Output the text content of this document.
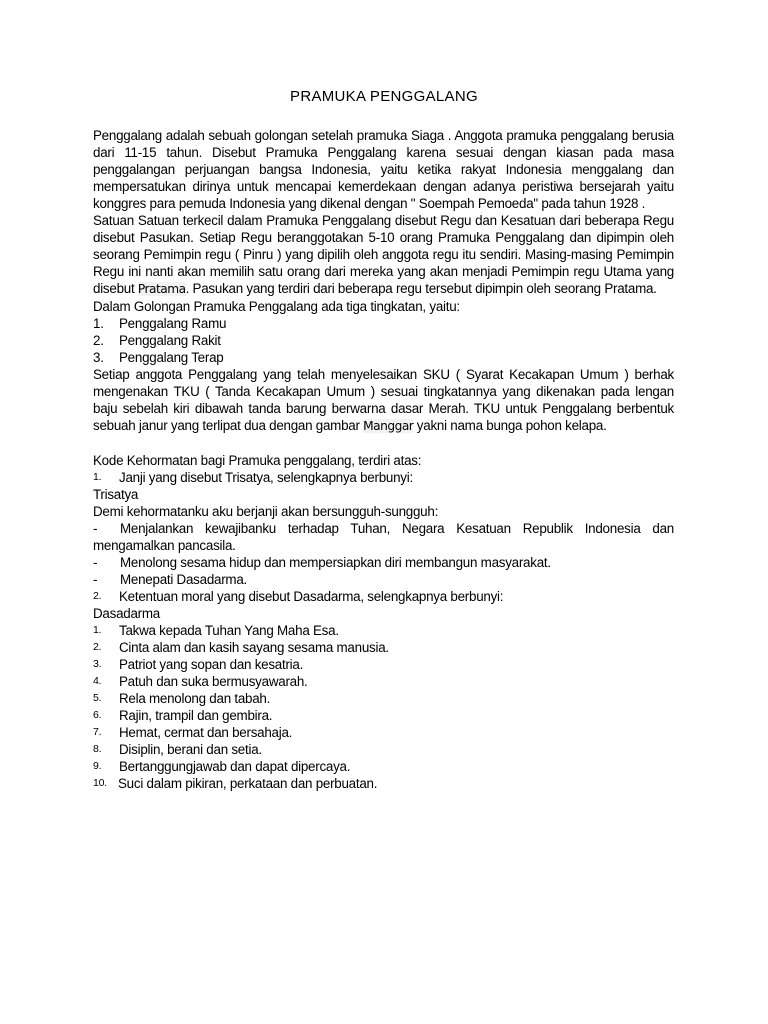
PRAMUKA PENGGALANG

Penggalang adalah sebuah golongan setelah pramuka Siaga . Anggota pramuka penggalang berusia dari 11-15 tahun. Disebut Pramuka Penggalang karena sesuai dengan kiasan pada masa penggalangan perjuangan bangsa Indonesia, yaitu ketika rakyat Indonesia menggalang dan mempersatukan dirinya untuk mencapai kemerdekaan dengan adanya peristiwa bersejarah yaitu konggres para pemuda Indonesia yang dikenal dengan " Soempah Pemoeda" pada tahun 1928 .

Satuan Satuan terkecil dalam Pramuka Penggalang disebut Regu dan Kesatuan dari beberapa Regu disebut Pasukan. Setiap Regu beranggotakan 5-10 orang Pramuka Penggalang dan dipimpin oleh seorang Pemimpin regu ( Pinru ) yang dipilih oleh anggota regu itu sendiri. Masing-masing Pemimpin Regu ini nanti akan memilih satu orang dari mereka yang akan menjadi Pemimpin regu Utama yang disebut Pratama. Pasukan yang terdiri dari beberapa regu tersebut dipimpin oleh seorang Pratama.

Dalam Golongan Pramuka Penggalang ada tiga tingkatan, yaitu:

1.	Penggalang Ramu
2.	Penggalang Rakit
3.	Penggalang Terap

Setiap anggota Penggalang yang telah menyelesaikan SKU ( Syarat Kecakapan Umum ) berhak mengenakan TKU ( Tanda Kecakapan Umum ) sesuai tingkatannya yang dikenakan pada lengan baju sebelah kiri dibawah tanda barung berwarna dasar Merah. TKU untuk Penggalang berbentuk sebuah janur yang terlipat dua dengan gambar Manggar yakni nama bunga pohon kelapa.

Kode Kehormatan bagi Pramuka penggalang, terdiri atas:

1.	Janji yang disebut Trisatya, selengkapnya berbunyi:

Trisatya

Demi kehormatanku aku berjanji akan bersungguh-sungguh:

-	Menjalankan kewajibanku terhadap Tuhan, Negara Kesatuan Republik Indonesia dan

mengamalkan pancasila.

-	Menolong sesama hidup dan mempersiapkan diri membangun masyarakat.
-	Menepati Dasadarma.
2.	Ketentuan moral yang disebut Dasadarma, selengkapnya berbunyi:

Dasadarma

1.	Takwa kepada Tuhan Yang Maha Esa.
2.	Cinta alam dan kasih sayang sesama manusia.
3.	Patriot yang sopan dan kesatria.
4.	Patuh dan suka bermusyawarah.
5.	Rela menolong dan tabah.
6.	Rajin, trampil dan gembira.
7.	Hemat, cermat dan bersahaja.
8.	Disiplin, berani dan setia.
9.	Bertanggungjawab dan dapat dipercaya.
10. Suci dalam pikiran, perkataan dan perbuatan.
